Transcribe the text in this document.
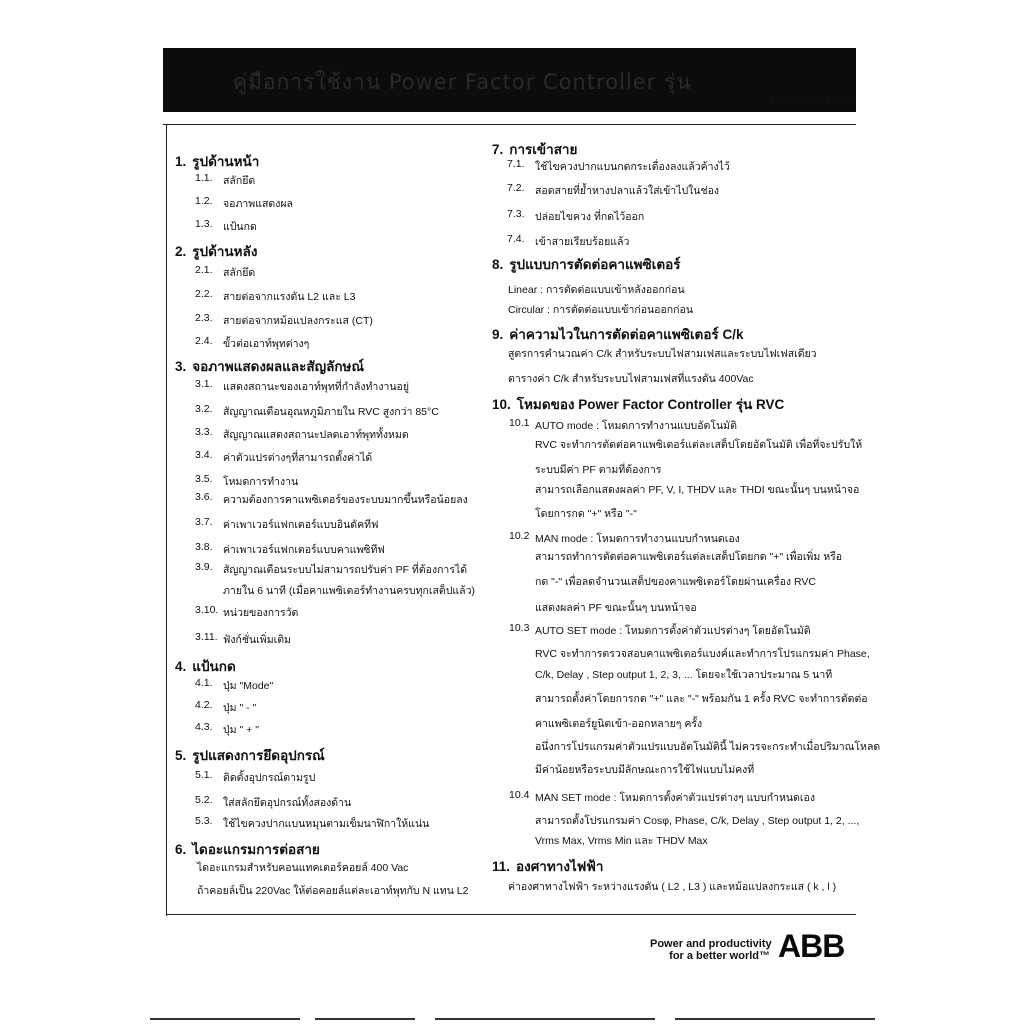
คู่มือการใช้งาน Power Factor Controller รุ่น
2GSB030201-0715
1. รูปด้านหน้า
1.1. สลักยึด
1.2. จอภาพแสดงผล
1.3. แป้นกด
2. รูปด้านหลัง
2.1. สลักยึด
2.2. สายต่อจากแรงดัน L2 และ L3
2.3. สายต่อจากหม้อแปลงกระแส (CT)
2.4. ขั้วต่อเอาท์พุทต่างๆ
3. จอภาพแสดงผลและสัญลักษณ์
3.1. แสดงสถานะของเอาท์พุทที่กำลังทำงานอยู่
3.2. สัญญาณเตือนอุณหภูมิภายใน RVC สูงกว่า 85°C
3.3. สัญญาณแสดงสถานะปลดเอาท์พุททั้งหมด
3.4. ค่าตัวแปรต่างๆที่สามารถตั้งค่าได้
3.5. โหมดการทำงาน
3.6. ความต้องการคาแพซิเตอร์ของระบบมากขึ้นหรือน้อยลง
3.7. ค่าเพาเวอร์แฟกเตอร์แบบอินดัคทีฟ
3.8. ค่าเพาเวอร์แฟกเตอร์แบบคาแพซิทีฟ
3.9. สัญญาณเตือนระบบไม่สามารถปรับค่า PF ที่ต้องการได้
ภายใน 6 นาที (เมื่อคาแพซิเตอร์ทำงานครบทุกเสต็ปแล้ว)
3.10. หน่วยของการวัด
3.11. ฟังก์ชั่นเพิ่มเติม
4. แป้นกด
4.1. ปุ่ม "Mode"
4.2. ปุ่ม " - "
4.3. ปุ่ม " + "
5. รูปแสดงการยึดอุปกรณ์
5.1. ติดตั้งอุปกรณ์ตามรูป
5.2. ใส่สลักยึดอุปกรณ์ทั้งสองด้าน
5.3. ใช้ไขควงปากแบนหมุนตามเข็มนาฬิกาให้แน่น
6. ไดอะแกรมการต่อสาย
ไดอะแกรมสำหรับคอนแทคเตอร์คอยล์ 400 Vac
ถ้าคอยล์เป็น 220Vac ให้ต่อคอยล์แต่ละเอาท์พุทกับ N แทน L2
7. การเข้าสาย
7.1. ใช้ไขควงปากแบนกดกระเดื่องลงแล้วค้างไว้
7.2. สอดสายที่ย้ำหางปลาแล้วใส่เข้าไปในช่อง
7.3. ปล่อยไขควง ที่กดไว้ออก
7.4. เข้าสายเรียบร้อยแล้ว
8. รูปแบบการตัดต่อคาแพซิเตอร์
Linear : การตัดต่อแบบเข้าหลังออกก่อน
Circular : การตัดต่อแบบเข้าก่อนออกก่อน
9. ค่าความไวในการตัดต่อคาแพซิเตอร์ C/k
สูตรการคำนวณค่า C/k สำหรับระบบไฟสามเฟสและระบบไฟเฟสเดียว
ตารางค่า C/k สำหรับระบบไฟสามเฟสที่แรงดัน 400Vac
10. โหมดของ Power Factor Controller รุ่น RVC
10.1 AUTO mode : โหมดการทำงานแบบอัตโนมัติ
RVC จะทำการตัดต่อคาแพซิเตอร์แต่ละเสต็ปโดยอัตโนมัติ เพื่อที่จะปรับให้
ระบบมีค่า PF ตามที่ต้องการ
สามารถเลือกแสดงผลค่า PF, V, I, THDV และ THDI ขณะนั้นๆ บนหน้าจอ
โดยการกด "+" หรือ "-"
10.2 MAN mode : โหมดการทำงานแบบกำหนดเอง
สามารถทำการตัดต่อคาแพซิเตอร์แต่ละเสต็ปโดยกด "+" เพื่อเพิ่ม หรือ
กด "-" เพื่อลดจำนวนเสต็ปของคาแพซิเตอร์โดยผ่านเครื่อง RVC
แสดงผลค่า PF ขณะนั้นๆ บนหน้าจอ
10.3 AUTO SET mode : โหมดการตั้งค่าตัวแปรต่างๆ โดยอัตโนมัติ
RVC จะทำการตรวจสอบคาแพซิเตอร์แบงค์และทำการโปรแกรมค่า Phase,
C/k, Delay , Step output 1, 2, 3, ... โดยจะใช้เวลาประมาณ 5 นาที
สามารถตั้งค่าโดยการกด "+" และ "-" พร้อมกัน 1 ครั้ง RVC จะทำการตัดต่อ
คาแพซิเตอร์ยูนิตเข้า-ออกหลายๆ ครั้ง
อนึ่งการโปรแกรมค่าตัวแปรแบบอัตโนมัตินี้ ไม่ควรจะกระทำเมื่อปริมาณโหลด
มีค่าน้อยหรือระบบมีลักษณะการใช้ไฟแบบไม่คงที่
10.4 MAN SET mode : โหมดการตั้งค่าตัวแปรต่างๆ แบบกำหนดเอง
สามารถตั้งโปรแกรมค่า Cosφ, Phase, C/k, Delay , Step output 1, 2, ...,
Vrms Max, Vrms Min และ THDV Max
11. องศาทางไฟฟ้า
ค่าองศาทางไฟฟ้า ระหว่างแรงดัน ( L2 , L3 ) และหม้อแปลงกระแส ( k , l )
Power and productivity
for a better world™ ABB
